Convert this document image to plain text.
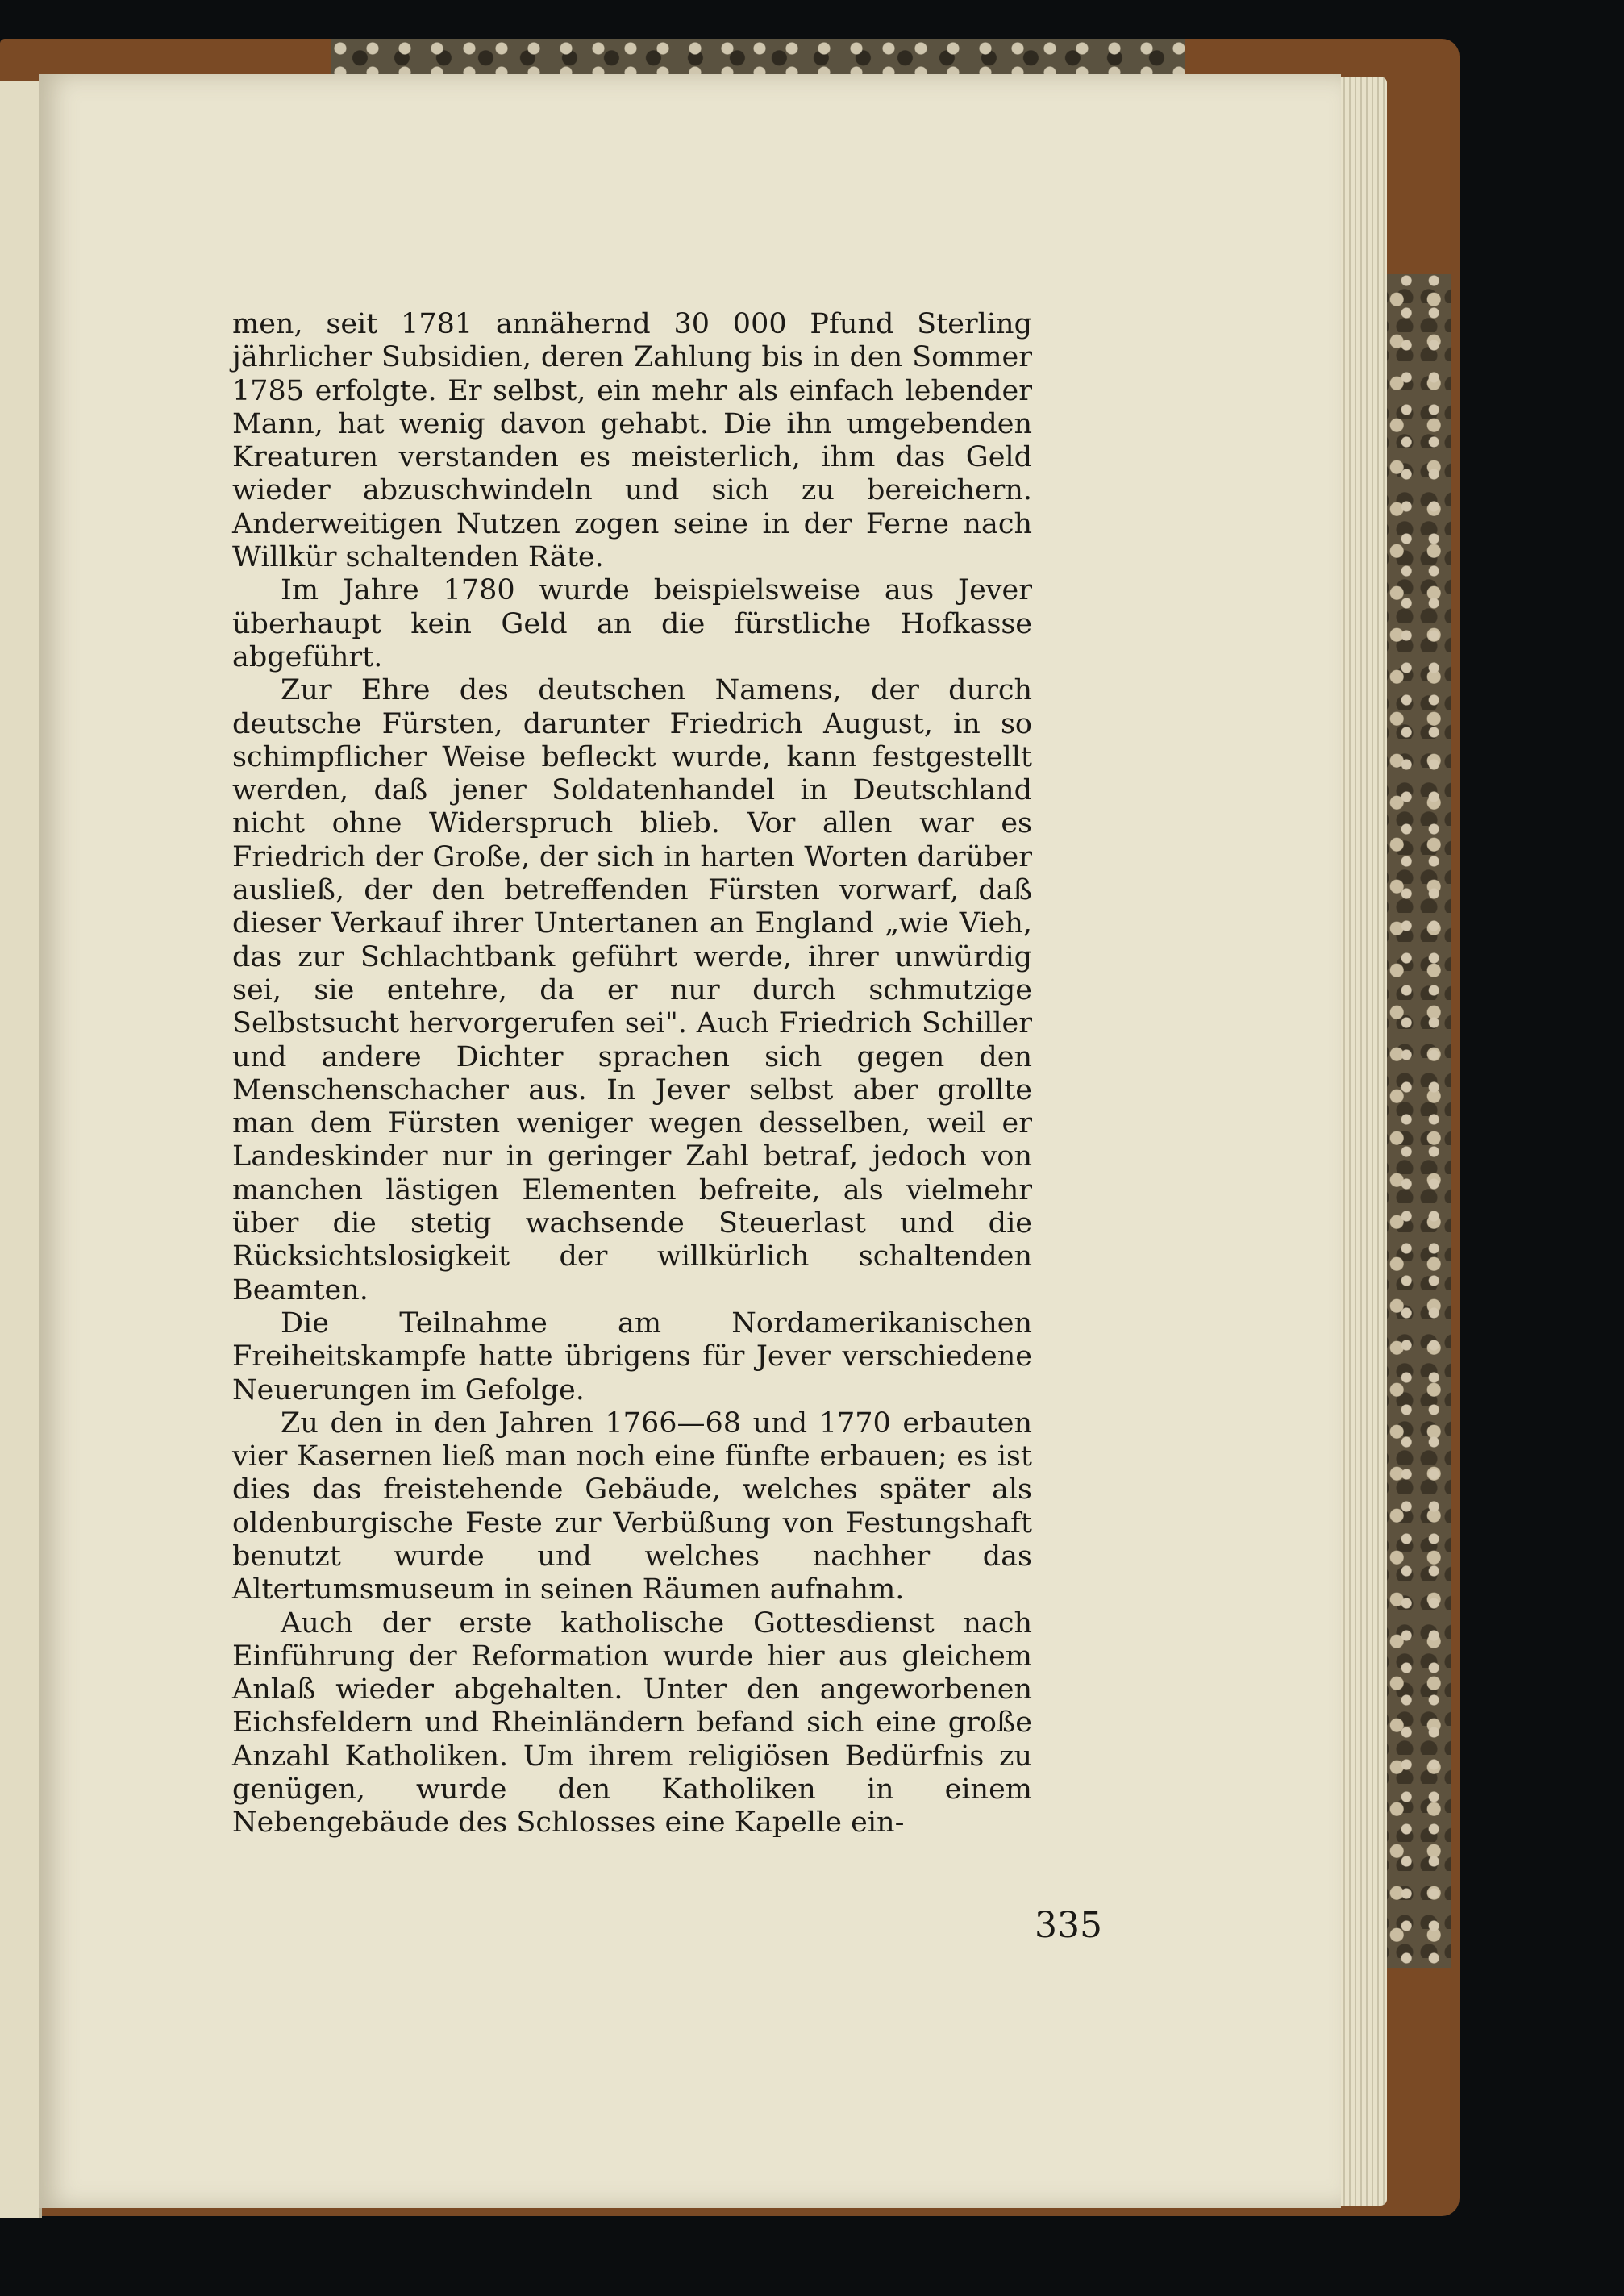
men, seit 1781 annähernd 30 000 Pfund Sterling jährlicher Subsidien, deren Zahlung bis in den Sommer 1785 erfolgte. Er selbst, ein mehr als einfach lebender Mann, hat wenig davon gehabt. Die ihn umgebenden Kreaturen verstanden es meisterlich, ihm das Geld wieder abzuschwindeln und sich zu bereichern. Anderweitigen Nutzen zogen seine in der Ferne nach Willkür schaltenden Räte.

Im Jahre 1780 wurde beispielsweise aus Jever überhaupt kein Geld an die fürstliche Hofkasse abgeführt.

Zur Ehre des deutschen Namens, der durch deutsche Fürsten, darunter Friedrich August, in so schimpflicher Weise befleckt wurde, kann festgestellt werden, daß jener Soldatenhandel in Deutschland nicht ohne Widerspruch blieb. Vor allen war es Friedrich der Große, der sich in harten Worten darüber ausließ, der den betreffenden Fürsten vorwarf, daß dieser Verkauf ihrer Untertanen an England „wie Vieh, das zur Schlachtbank geführt werde, ihrer unwürdig sei, sie entehre, da er nur durch schmutzige Selbstsucht hervorgerufen sei". Auch Friedrich Schiller und andere Dichter sprachen sich gegen den Menschenschacher aus. In Jever selbst aber grollte man dem Fürsten weniger wegen desselben, weil er Landeskinder nur in geringer Zahl betraf, jedoch von manchen lästigen Elementen befreite, als vielmehr über die stetig wachsende Steuerlast und die Rücksichtslosigkeit der willkürlich schaltenden Beamten.

Die Teilnahme am Nordamerikanischen Freiheitskampfe hatte übrigens für Jever verschiedene Neuerungen im Gefolge.

Zu den in den Jahren 1766—68 und 1770 erbauten vier Kasernen ließ man noch eine fünfte erbauen; es ist dies das freistehende Gebäude, welches später als oldenburgische Feste zur Verbüßung von Festungshaft benutzt wurde und welches nachher das Altertumsmuseum in seinen Räumen aufnahm.

Auch der erste katholische Gottesdienst nach Einführung der Reformation wurde hier aus gleichem Anlaß wieder abgehalten. Unter den angeworbenen Eichsfeldern und Rheinländern befand sich eine große Anzahl Katholiken. Um ihrem religiösen Bedürfnis zu genügen, wurde den Katholiken in einem Nebengebäude des Schlosses eine Kapelle ein-

335
